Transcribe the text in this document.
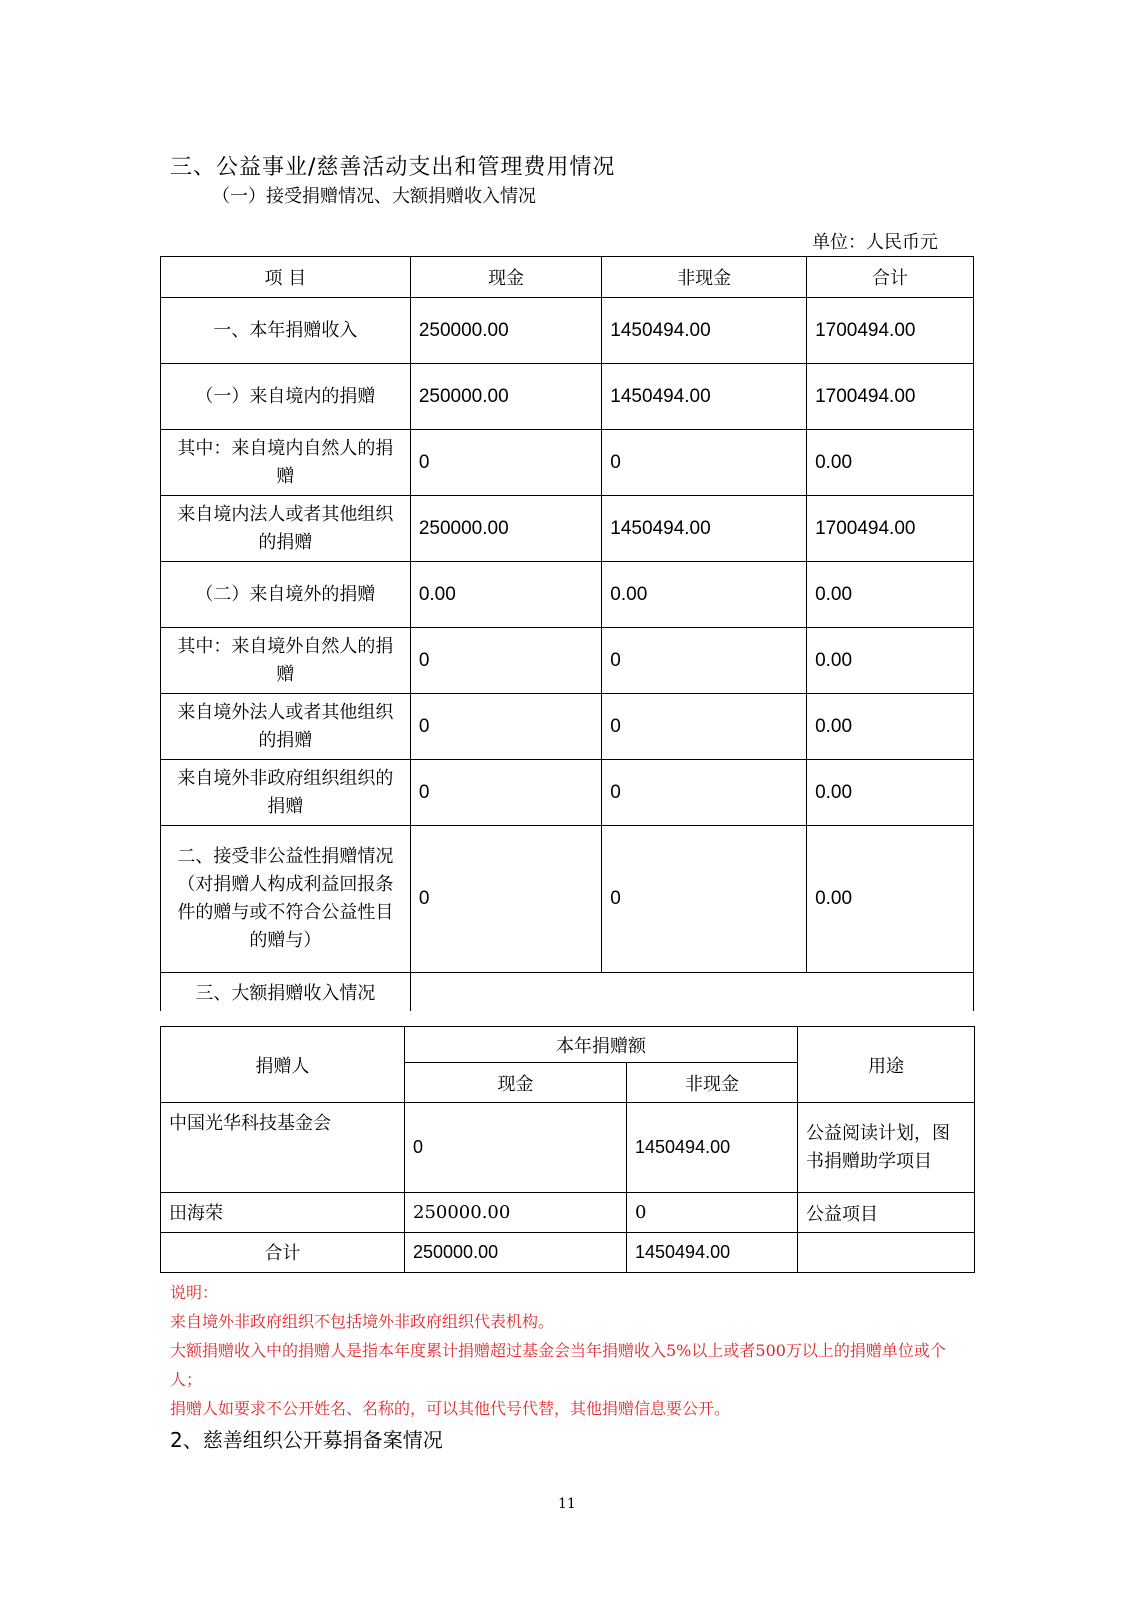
三、公益事业/慈善活动支出和管理费用情况
（一）接受捐赠情况、大额捐赠收入情况
单位：人民币元
项 目	现金	非现金	合计
一、本年捐赠收入	250000.00	1450494.00	1700494.00
（一）来自境内的捐赠	250000.00	1450494.00	1700494.00
其中：来自境内自然人的捐赠	0	0	0.00
来自境内法人或者其他组织的捐赠	250000.00	1450494.00	1700494.00
（二）来自境外的捐赠	0.00	0.00	0.00
其中：来自境外自然人的捐赠	0	0	0.00
来自境外法人或者其他组织的捐赠	0	0	0.00
来自境外非政府组织组织的捐赠	0	0	0.00
二、接受非公益性捐赠情况（对捐赠人构成利益回报条件的赠与或不符合公益性目的赠与）	0	0	0.00
三、大额捐赠收入情况			
捐赠人	本年捐赠额		用途
	现金	非现金	
中国光华科技基金会	0	1450494.00	公益阅读计划，图书捐赠助学项目
田海荣	250000.00	0	公益项目
合计	250000.00	1450494.00	

说明：

来自境外非政府组织不包括境外非政府组织代表机构。

大额捐赠收入中的捐赠人是指本年度累计捐赠超过基金会当年捐赠收入5%以上或者500万以上的捐赠单位或个人；

捐赠人如要求不公开姓名、名称的，可以其他代号代替，其他捐赠信息要公开。

2、慈善组织公开募捐备案情况
11
